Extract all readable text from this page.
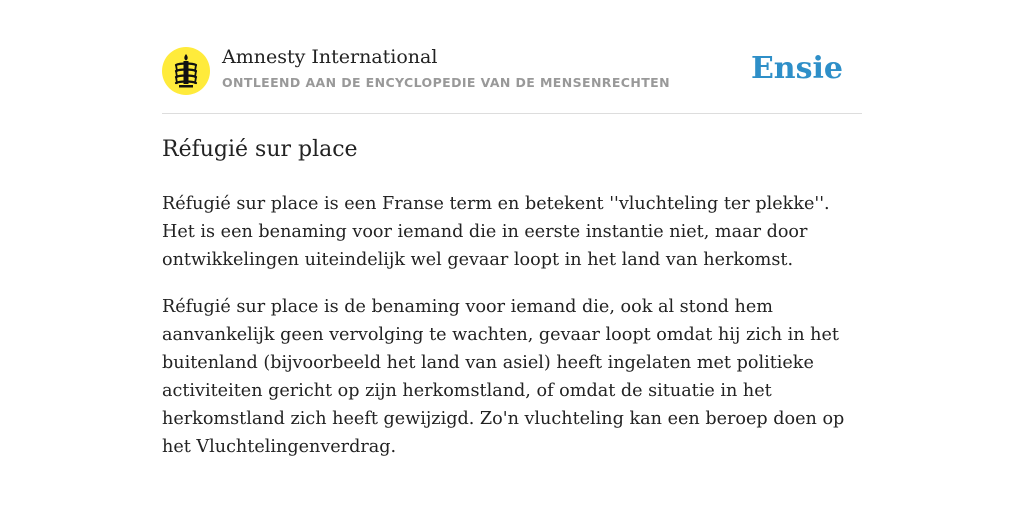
Amnesty International
ONTLEEND AAN DE ENCYCLOPEDIE VAN DE MENSENRECHTEN	Ensie
Réfugié sur place

Réfugié sur place is een Franse term en betekent ''vluchteling ter plekke''. Het is een benaming voor iemand die in eerste instantie niet, maar door ontwikkelingen uiteindelijk wel gevaar loopt in het land van herkomst.

Réfugié sur place is de benaming voor iemand die, ook al stond hem aanvankelijk geen vervolging te wachten, gevaar loopt omdat hij zich in het buitenland (bijvoorbeeld het land van asiel) heeft ingelaten met politieke activiteiten gericht op zijn herkomstland, of omdat de situatie in het herkomstland zich heeft gewijzigd. Zo'n vluchteling kan een beroep doen op het Vluchtelingenverdrag.
